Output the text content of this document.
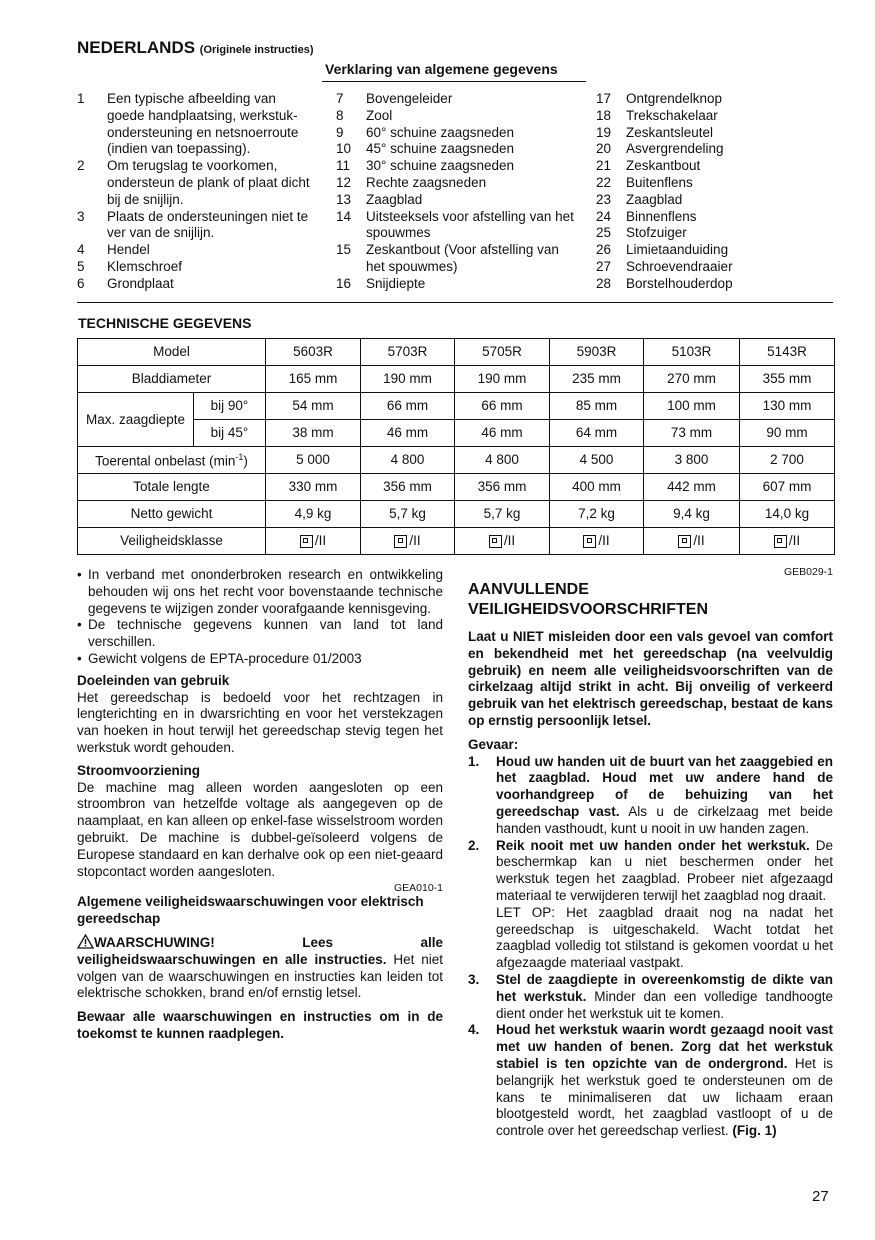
NEDERLANDS (Originele instructies)
Verklaring van algemene gegevens
1	Een typische afbeelding van goede handplaatsing, werkstuk-ondersteuning en netsnoerroute (indien van toepassing).
2	Om terugslag te voorkomen, ondersteun de plank of plaat dicht bij de snijlijn.
3	Plaats de ondersteuningen niet te ver van de snijlijn.
4	Hendel
5	Klemschroef
6	Grondplaat
7	Bovengeleider
8	Zool
9	60° schuine zaagsneden
10	45° schuine zaagsneden
11	30° schuine zaagsneden
12	Rechte zaagsneden
13	Zaagblad
14	Uitsteeksels voor afstelling van het spouwmes
15	Zeskantbout (Voor afstelling van het spouwmes)
16	Snijdiepte
17	Ontgrendelknop
18	Trekschakelaar
19	Zeskantsleutel
20	Asvergrendeling
21	Zeskantbout
22	Buitenflens
23	Zaagblad
24	Binnenflens
25	Stofzuiger
26	Limietaanduiding
27	Schroevendraaier
28	Borstelhouderdop
TECHNISCHE GEGEVENS
Model		5603R	5703R	5705R	5903R	5103R	5143R
Bladdiameter		165 mm	190 mm	190 mm	235 mm	270 mm	355 mm
Max. zaagdiepte	bij 90°	54 mm	66 mm	66 mm	85 mm	100 mm	130 mm
	bij 45°	38 mm	46 mm	46 mm	64 mm	73 mm	90 mm
Toerental onbelast $(\min^{-1})$		5 000	4 800	4 800	4 500	3 800	2 700
Totale lengte		330 mm	356 mm	356 mm	400 mm	442 mm	607 mm
Netto gewicht		4,9 kg	5,7 kg	5,7 kg	7,2 kg	9,4 kg	14,0 kg
Veiligheidsklasse		/II	/II	/II	/II	/II	/II
• In verband met ononderbroken research en ontwikkeling behouden wij ons het recht voor bovenstaande technische gegevens te wijzigen zonder voorafgaande kennisgeving.
• De technische gegevens kunnen van land tot land verschillen.
• Gewicht volgens de EPTA-procedure 01/2003
Doeleinden van gebruik
Het gereedschap is bedoeld voor het rechtzagen in lengterichting en in dwarsrichting en voor het verstekzagen van hoeken in hout terwijl het gereedschap stevig tegen het werkstuk wordt gehouden.
Stroomvoorziening
De machine mag alleen worden aangesloten op een stroombron van hetzelfde voltage als aangegeven op de naamplaat, en kan alleen op enkel-fase wisselstroom worden gebruikt. De machine is dubbel-geïsoleerd volgens de Europese standaard en kan derhalve ook op een niet-geaard stopcontact worden aangesloten.
GEA010-1
Algemene veiligheidswaarschuwingen voor elektrisch gereedschap
WAARSCHUWING! Lees alle veiligheidswaarschuwingen en alle instructies. Het niet volgen van de waarschuwingen en instructies kan leiden tot elektrische schokken, brand en/of ernstig letsel.
Bewaar alle waarschuwingen en instructies om in de toekomst te kunnen raadplegen.
GEB029-1
AANVULLENDE VEILIGHEIDSVOORSCHRIFTEN
Laat u NIET misleiden door een vals gevoel van comfort en bekendheid met het gereedschap (na veelvuldig gebruik) en neem alle veiligheidsvoorschriften van de cirkelzaag altijd strikt in acht. Bij onveilig of verkeerd gebruik van het elektrisch gereedschap, bestaat de kans op ernstig persoonlijk letsel.
Gevaar:
1.	Houd uw handen uit de buurt van het zaaggebied en het zaagblad. Houd met uw andere hand de voorhandgreep of de behuizing van het gereedschap vast. Als u de cirkelzaag met beide handen vasthoudt, kunt u nooit in uw handen zagen.
2.	Reik nooit met uw handen onder het werkstuk. De beschermkap kan u niet beschermen onder het werkstuk tegen het zaagblad. Probeer niet afgezaagd materiaal te verwijderen terwijl het zaagblad nog draait.
LET OP: Het zaagblad draait nog na nadat het gereedschap is uitgeschakeld. Wacht totdat het zaagblad volledig tot stilstand is gekomen voordat u het afgezaagde materiaal vastpakt.
3.	Stel de zaagdiepte in overeenkomstig de dikte van het werkstuk. Minder dan een volledige tandhoogte dient onder het werkstuk uit te komen.
4.	Houd het werkstuk waarin wordt gezaagd nooit vast met uw handen of benen. Zorg dat het werkstuk stabiel is ten opzichte van de ondergrond. Het is belangrijk het werkstuk goed te ondersteunen om de kans te minimaliseren dat uw lichaam eraan blootgesteld wordt, het zaagblad vastloopt of u de controle over het gereedschap verliest. (Fig. 1)
27
